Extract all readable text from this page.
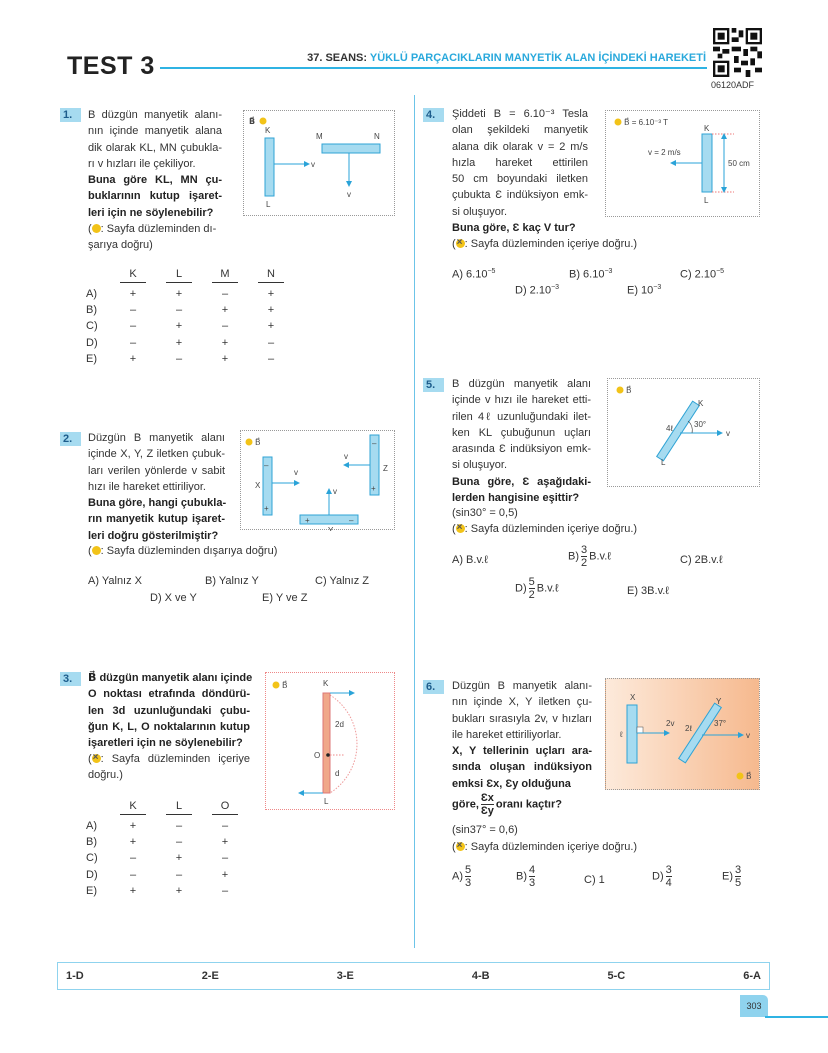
TEST 3	37. SEANS: YÜKLÜ PARÇACIKLARIN MANYETİK ALAN İÇİNDEKİ HAREKETİ
06120ADF
1.	B düzgün manyetik alanı-
nın içinde manyetik alana
dik olarak KL, MN çubukla-
rı v hızları ile çekiliyor.
Buna göre KL, MN çu-
buklarının kutup işaret-
leri için ne söylenebilir?
( : Sayfa düzleminden dı-
şarıya doğru)
B⃗
K
L
v
M	N
v
	K	L	M	N
A)	+	+	–	+
B)	–	–	+	+
C)	–	+	–	+
D)	–	+	+	–
E)	+	–	+	–
2.	Düzgün B manyetik alanı
içinde X, Y, Z iletken çubuk-
ları verilen yönlerde v sabit
hızı ile hareket ettiriliyor.
Buna göre, hangi çubukla-
rın manyetik kutup işaret-
leri doğru gösterilmiştir?
( : Sayfa düzleminden dışarıya doğru)
B⃗
–
+
X
v
+	–
Y
v
–
+
Z
v
A) Yalnız X	B) Yalnız Y	C) Yalnız Z
D) X ve Y	E) Y ve Z
3.	B⃗ düzgün manyetik alanı içinde
O noktası etrafında döndürü-
len 3d uzunluğundaki çubu-
ğun K, L, O noktalarının kutup
işaretleri için ne söylenebilir?
( × : Sayfa düzleminden içeriye
doğru.)
B⃗	K
O
2d
d
L
	K	L	O
A)	+	–	–
B)	+	–	+
C)	–	+	–
D)	–	–	+
E)	+	+	–
4.	Şiddeti B = 6.10⁻³ Tesla
olan şekildeki manyetik
alana dik olarak v = 2 m/s
hızla hareket ettirilen
50 cm boyundaki iletken
çubukta Ɛ indüksiyon emk-
si oluşuyor.
Buna göre, Ɛ kaç V tur?
( × : Sayfa düzleminden içeriye doğru.)
B⃗ = 6.10⁻³ T
K
L
50 cm
v = 2 m/s
A) $6.10^{-5}$	B) $6.10^{-3}$	C) $2.10^{-5}$
D) $2.10^{-3}$	E) $10^{-3}$
5.	B düzgün manyetik alanı
içinde v hızı ile hareket etti-
rilen 4ℓ uzunluğundaki ilet-
ken KL çubuğunun uçları
arasında Ɛ indüksiyon emk-
si oluşuyor.
Buna göre, Ɛ aşağıdaki-
lerden hangisine eşittir?
(sin30° = 0,5)
( × : Sayfa düzleminden içeriye doğru.)
B⃗
K
L
4ℓ
v
30°
A) B.v.ℓ	$B) \frac{3}{2}$ B.v.ℓ	C) 2B.v.ℓ
$D) \frac{5}{2}$ B.v.ℓ	E) 3B.v.ℓ
6.	Düzgün B manyetik alanı-
nın içinde X, Y iletken çu-
bukları sırasıyla 2v, v hızları
ile hareket ettiriliyorlar.
X, Y tellerinin uçları ara-
sında oluşan indüksiyon
emksi Ɛx, Ɛy olduğuna
göre, $\frac{Ɛx}{Ɛy}$ oranı kaçtır?
(sin37° = 0,6)
( × : Sayfa düzleminden içeriye doğru.)
X
ℓ
2v
Y
2ℓ
v
37°
B⃗
$A) \frac{5}{3}$	$B) \frac{4}{3}$	C) 1	$D) \frac{3}{4}$	$E) \frac{3}{5}$
1-D	2-E	3-E	4-B	5-C	6-A
303
